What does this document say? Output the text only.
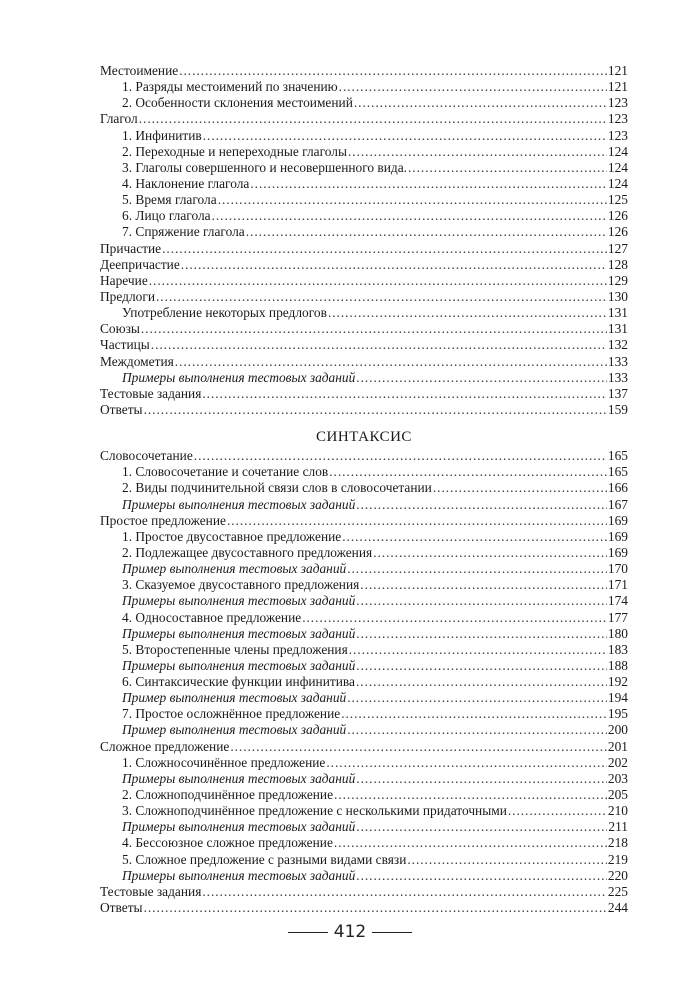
Местоимение . . .	121
1. Разряды местоимений по значению . . .	121
2. Особенности склонения местоимений . . .	123
Глагол . . .	123
1. Инфинитив . . .	123
2. Переходные и непереходные глаголы . . .	124
3. Глаголы совершенного и несовершенного вида. . . .	124
4. Наклонение глагола . . .	124
5. Время глагола . . .	125
6. Лицо глагола . . .	126
7. Спряжение глагола . . .	126
Причастие . . .	127
Деепричастие . . .	128
Наречие . . .	129
Предлоги . . .	130
Употребление некоторых предлогов . . .	131
Союзы . . .	131
Частицы . . .	132
Междометия . . .	133
Примеры выполнения тестовых заданий . . .	133
Тестовые задания . . .	137
Ответы . . .	159
СИНТАКСИС
Словосочетание . . .	165
1. Словосочетание и сочетание слов . . .	165
2. Виды подчинительной связи слов в словосочетании . . .	166
Примеры выполнения тестовых заданий . . .	167
Простое предложение . . .	169
1. Простое двусоставное предложение . . .	169
2. Подлежащее двусоставного предложения . . .	169
Пример выполнения тестовых заданий . . .	170
3. Сказуемое двусоставного предложения . . .	171
Примеры выполнения тестовых заданий . . .	174
4. Односоставное предложение . . .	177
Примеры выполнения тестовых заданий . . .	180
5. Второстепенные члены предложения . . .	183
Примеры выполнения тестовых заданий . . .	188
6. Синтаксические функции инфинитива . . .	192
Пример выполнения тестовых заданий . . .	194
7. Простое осложнённое предложение . . .	195
Пример выполнения тестовых заданий . . .	200
Сложное предложение . . .	201
1. Сложносочинённое предложение . . .	202
Примеры выполнения тестовых заданий . . .	203
2. Сложноподчинённое предложение . . .	205
3. Сложноподчинённое предложение с несколькими придаточными . . .	210
Примеры выполнения тестовых заданий . . .	211
4. Бессоюзное сложное предложение . . .	218
5. Сложное предложение с разными видами связи . . .	219
Примеры выполнения тестовых заданий . . .	220
Тестовые задания . . .	225
Ответы . . .	244
412
